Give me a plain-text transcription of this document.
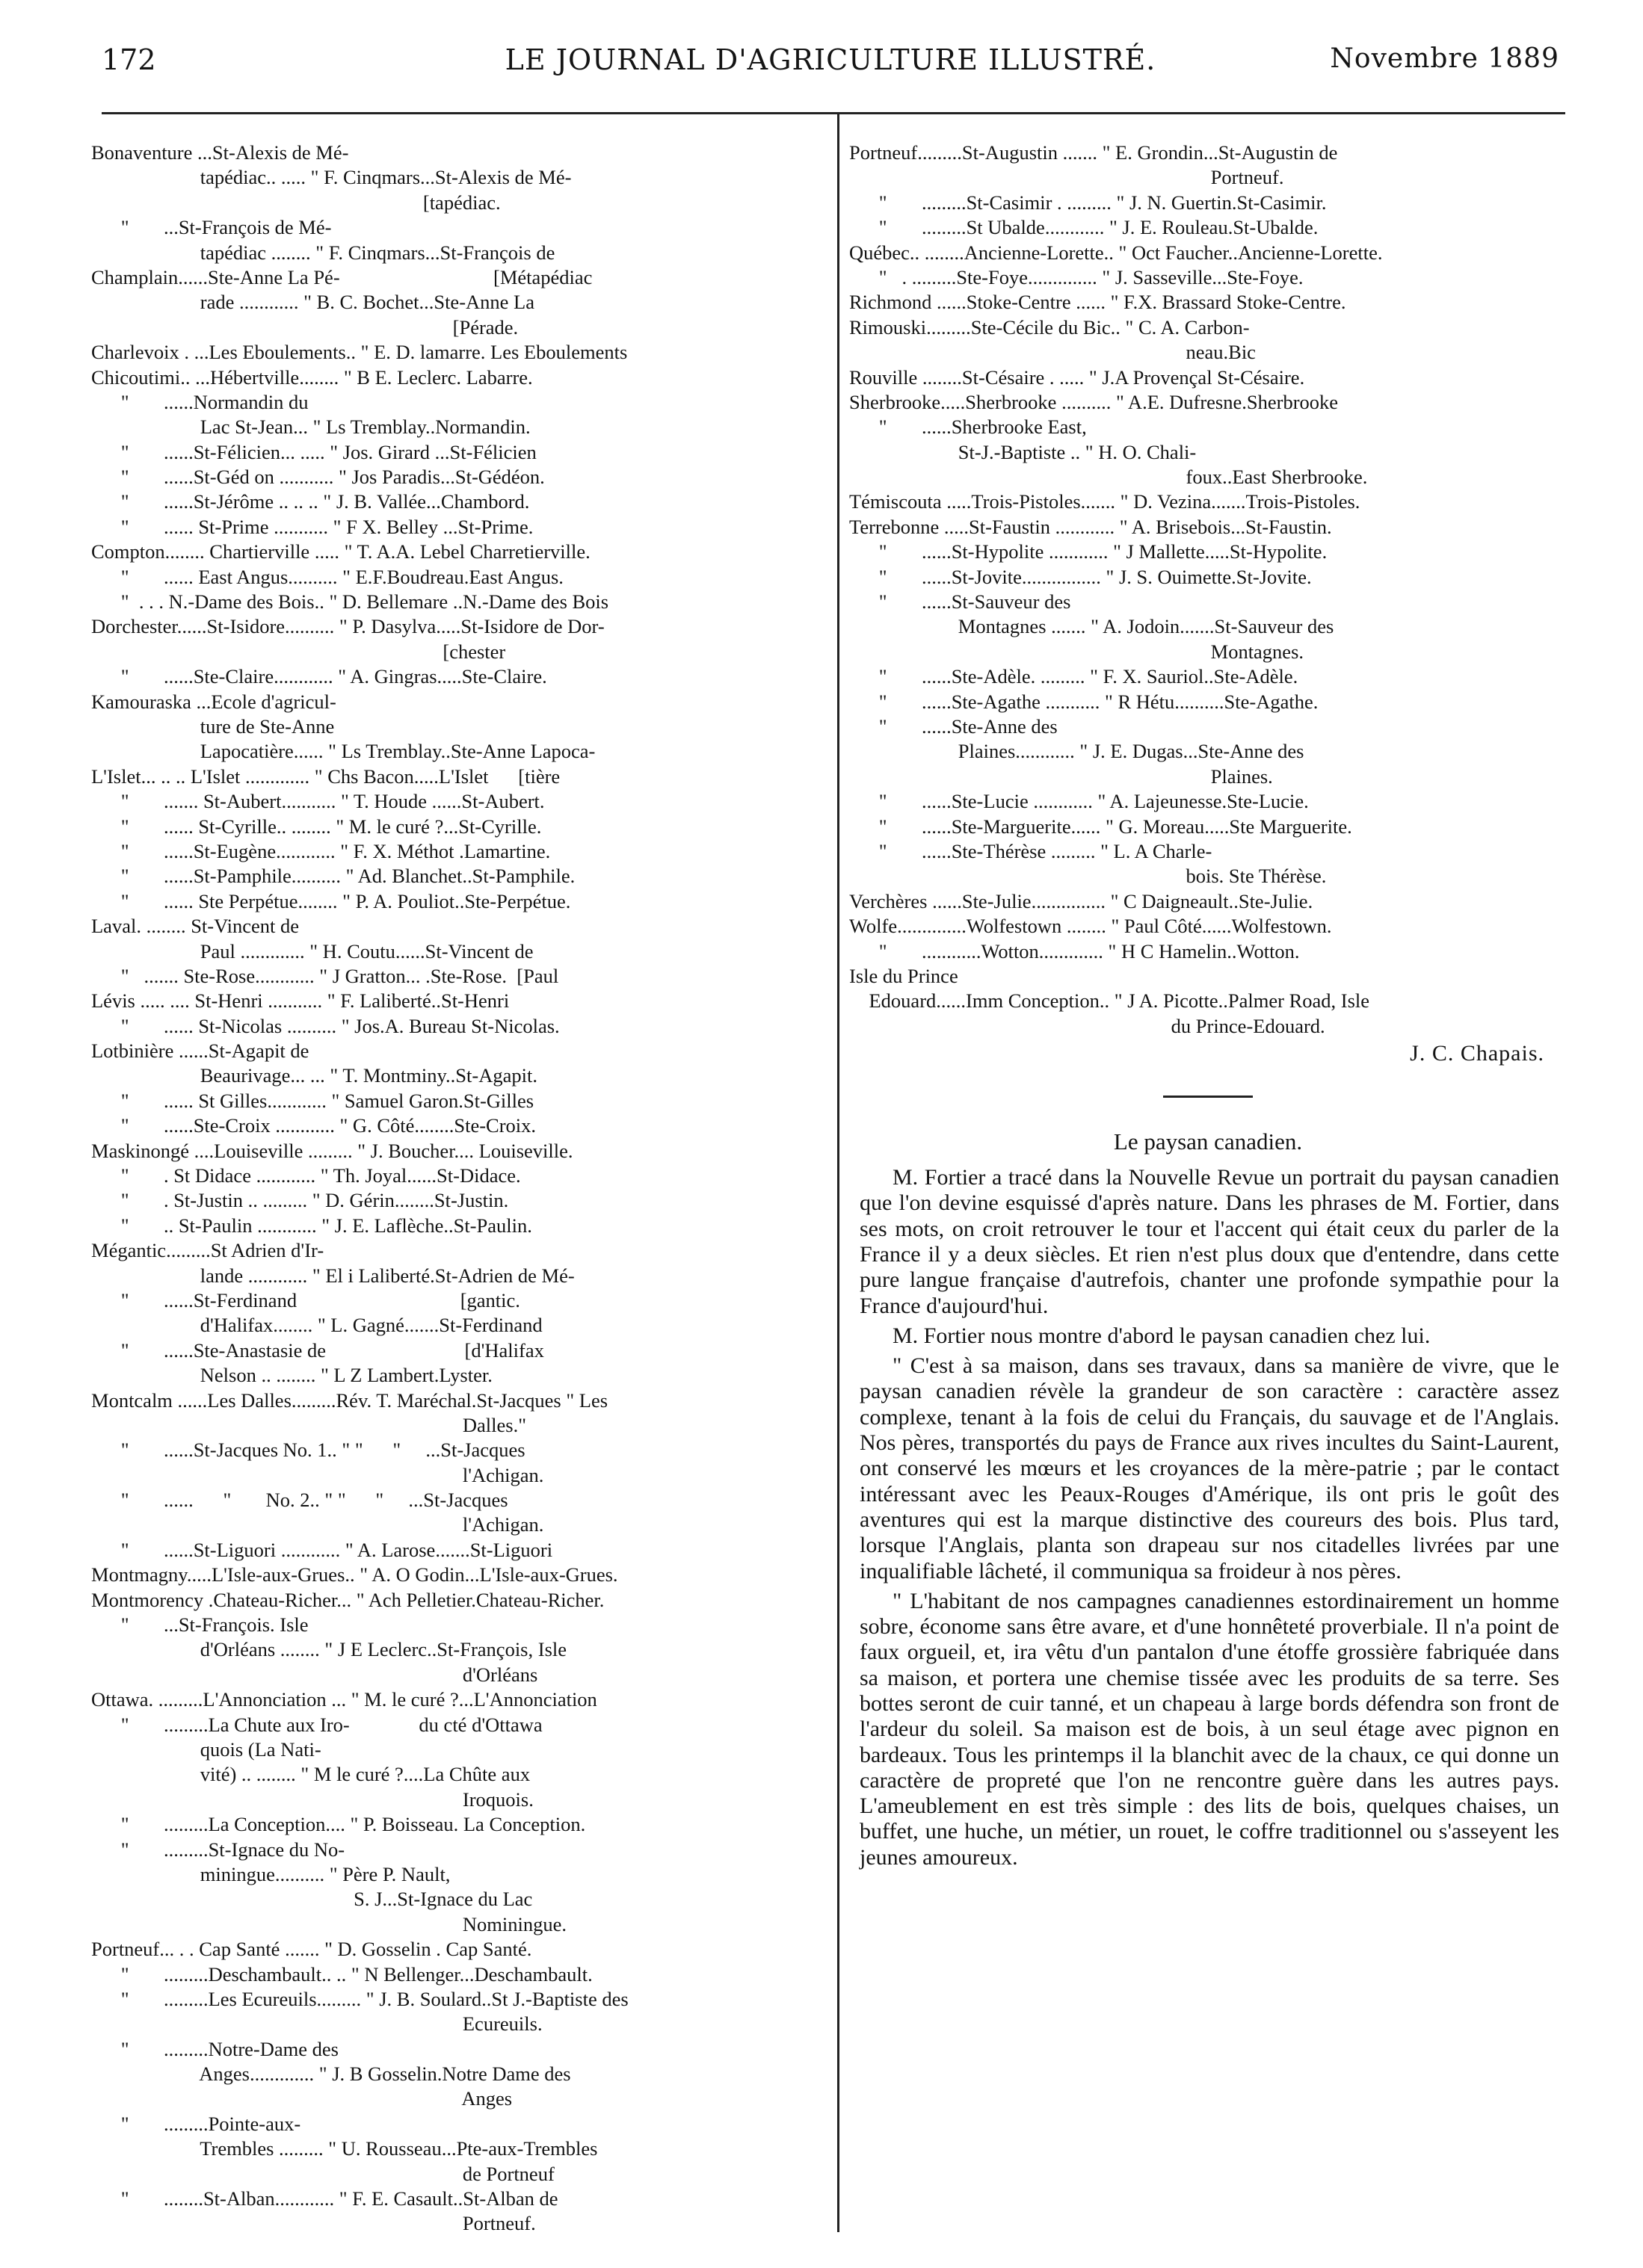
172	LE JOURNAL D'AGRICULTURE ILLUSTRÉ.	Novembre 1889
Bonaventure ...St-Alexis de Mé-
tapédiac.. ..... " F. Cinqmars...St-Alexis de Mé-
[tapédiac.
"       ...St-François de Mé-
tapédiac ........ " F. Cinqmars...St-François de
Champlain......Ste-Anne La Pé-                               [Métapédiac
rade ............ " B. C. Bochet...Ste-Anne La
[Pérade.
Charlevoix . ...Les Eboulements.. " E. D. lamarre. Les Eboulements
Chicoutimi.. ...Hébertville........ " B E. Leclerc. Labarre.
"       ......Normandin du
Lac St-Jean... " Ls Tremblay..Normandin.
"       ......St-Félicien... ..... " Jos. Girard ...St-Félicien
"       ......St-Géd on ........... " Jos Paradis...St-Gédéon.
"       ......St-Jérôme .. .. .. " J. B. Vallée...Chambord.
"       ...... St-Prime ........... " F X. Belley ...St-Prime.
Compton........ Chartierville ..... " T. A.A. Lebel Charretierville.
"       ...... East Angus.......... " E.F.Boudreau.East Angus.
"  . . . N.-Dame des Bois.. " D. Bellemare ..N.-Dame des Bois
Dorchester......St-Isidore.......... " P. Dasylva.....St-Isidore de Dor-
[chester
"       ......Ste-Claire............ " A. Gingras.....Ste-Claire.
Kamouraska ...Ecole d'agricul-
ture de Ste-Anne
Lapocatière...... " Ls Tremblay..Ste-Anne Lapoca-
L'Islet... .. .. L'Islet ............. " Chs Bacon.....L'Islet      [tière
"       ....... St-Aubert........... " T. Houde ......St-Aubert.
"       ...... St-Cyrille.. ........ " M. le curé ?...St-Cyrille.
"       ......St-Eugène............ " F. X. Méthot .Lamartine.
"       ......St-Pamphile.......... " Ad. Blanchet..St-Pamphile.
"       ...... Ste Perpétue........ " P. A. Pouliot..Ste-Perpétue.
Laval. ........ St-Vincent de
Paul ............. " H. Coutu......St-Vincent de
"   ....... Ste-Rose............ " J Gratton... .Ste-Rose.  [Paul
Lévis ..... .... St-Henri ........... " F. Laliberté..St-Henri
"       ...... St-Nicolas .......... " Jos.A. Bureau St-Nicolas.
Lotbinière ......St-Agapit de
Beaurivage... ... " T. Montminy..St-Agapit.
"       ...... St Gilles............ " Samuel Garon.St-Gilles
"       ......Ste-Croix ............ " G. Côté........Ste-Croix.
Maskinongé ....Louiseville ......... " J. Boucher.... Louiseville.
"       . St Didace ............ " Th. Joyal......St-Didace.
"       . St-Justin .. ......... " D. Gérin........St-Justin.
"       .. St-Paulin ............ " J. E. Laflèche..St-Paulin.
Mégantic.........St Adrien d'Ir-
lande ............ " El i Laliberté.St-Adrien de Mé-
"       ......St-Ferdinand                                 [gantic.
d'Halifax........ " L. Gagné.......St-Ferdinand
"       ......Ste-Anastasie de                            [d'Halifax
Nelson .. ........ " L Z Lambert.Lyster.
Montcalm ......Les Dalles.........Rév. T. Maréchal.St-Jacques " Les
Dalles."
"       ......St-Jacques No. 1.. " "      "     ...St-Jacques
l'Achigan.
"       ......      "       No. 2.. " "      "     ...St-Jacques
l'Achigan.
"       ......St-Liguori ............ " A. Larose.......St-Liguori
Montmagny.....L'Isle-aux-Grues.. " A. O Godin...L'Isle-aux-Grues.
Montmorency .Chateau-Richer... " Ach Pelletier.Chateau-Richer.
"       ...St-François. Isle
d'Orléans ........ " J E Leclerc..St-François, Isle
d'Orléans
Ottawa. .........L'Annonciation ... " M. le curé ?...L'Annonciation
"       .........La Chute aux Iro-              du cté d'Ottawa
quois (La Nati-
vité) .. ........ " M le curé ?....La Chûte aux
Iroquois.
"       .........La Conception.... " P. Boisseau. La Conception.
"       .........St-Ignace du No-
miningue.......... " Père P. Nault,
S. J...St-Ignace du Lac
Nominingue.
Portneuf... . . Cap Santé ....... " D. Gosselin . Cap Santé.
"       .........Deschambault.. .. " N Bellenger...Deschambault.
"       .........Les Ecureuils......... " J. B. Soulard..St J.-Baptiste des
Ecureuils.
"       .........Notre-Dame des
Anges............. " J. B Gosselin.Notre Dame des
Anges
"       .........Pointe-aux-
Trembles ......... " U. Rousseau...Pte-aux-Trembles
de Portneuf
"       ........St-Alban............ " F. E. Casault..St-Alban de
Portneuf.
Portneuf.........St-Augustin ....... " E. Grondin...St-Augustin de
Portneuf.
"       .........St-Casimir . ......... " J. N. Guertin.St-Casimir.
"       .........St Ubalde............ " J. E. Rouleau.St-Ubalde.
Québec.. ........Ancienne-Lorette.. " Oct Faucher..Ancienne-Lorette.
"   . .........Ste-Foye.............. " J. Sasseville...Ste-Foye.
Richmond ......Stoke-Centre ...... " F.X. Brassard Stoke-Centre.
Rimouski.........Ste-Cécile du Bic.. " C. A. Carbon-
neau.Bic
Rouville ........St-Césaire . ..... " J.A Provençal St-Césaire.
Sherbrooke.....Sherbrooke .......... " A.E. Dufresne.Sherbrooke
"       ......Sherbrooke East,
St-J.-Baptiste .. " H. O. Chali-
foux..East Sherbrooke.
Témiscouta .....Trois-Pistoles....... " D. Vezina.......Trois-Pistoles.
Terrebonne .....St-Faustin ............ " A. Brisebois...St-Faustin.
"       ......St-Hypolite ............ " J Mallette.....St-Hypolite.
"       ......St-Jovite................ " J. S. Ouimette.St-Jovite.
"       ......St-Sauveur des
Montagnes ....... " A. Jodoin.......St-Sauveur des
Montagnes.
"       ......Ste-Adèle. ......... " F. X. Sauriol..Ste-Adèle.
"       ......Ste-Agathe ........... " R Hétu..........Ste-Agathe.
"       ......Ste-Anne des
Plaines............ " J. E. Dugas...Ste-Anne des
Plaines.
"       ......Ste-Lucie ............ " A. Lajeunesse.Ste-Lucie.
"       ......Ste-Marguerite...... " G. Moreau.....Ste Marguerite.
"       ......Ste-Thérèse ......... " L. A Charle-
bois. Ste Thérèse.
Verchères ......Ste-Julie............... " C Daigneault..Ste-Julie.
Wolfe..............Wolfestown ........ " Paul Côté......Wolfestown.
"       ............Wotton............. " H C Hamelin..Wotton.
Isle du Prince
Edouard......Imm Conception.. " J A. Picotte..Palmer Road, Isle
du Prince-Edouard.
J. C. Chapais.
Le paysan canadien.

M. Fortier a tracé dans la Nouvelle Revue un portrait du paysan canadien que l'on devine esquissé d'après nature. Dans les phrases de M. Fortier, dans ses mots, on croit retrouver le tour et l'accent qui était ceux du parler de la France il y a deux siècles. Et rien n'est plus doux que d'entendre, dans cette pure langue française d'autrefois, chanter une profonde sympathie pour la France d'aujourd'hui.

M. Fortier nous montre d'abord le paysan canadien chez lui.

" C'est à sa maison, dans ses travaux, dans sa manière de vivre, que le paysan canadien révèle la grandeur de son caractère : caractère assez complexe, tenant à la fois de celui du Français, du sauvage et de l'Anglais. Nos pères, transportés du pays de France aux rives incultes du Saint-Laurent, ont conservé les mœurs et les croyances de la mère-patrie ; par le contact intéressant avec les Peaux-Rouges d'Amérique, ils ont pris le goût des aventures qui est la marque distinctive des coureurs des bois. Plus tard, lorsque l'Anglais, planta son drapeau sur nos citadelles livrées par une inqualifiable lâcheté, il communiqua sa froideur à nos pères.

" L'habitant de nos campagnes canadiennes estordinairement un homme sobre, économe sans être avare, et d'une honnêteté proverbiale. Il n'a point de faux orgueil, et, ira vêtu d'un pantalon d'une étoffe grossière fabriquée dans sa maison, et portera une chemise tissée avec les produits de sa terre. Ses bottes seront de cuir tanné, et un chapeau à large bords défendra son front de l'ardeur du soleil. Sa maison est de bois, à un seul étage avec pignon en bardeaux. Tous les printemps il la blanchit avec de la chaux, ce qui donne un caractère de propreté que l'on ne rencontre guère dans les autres pays. L'ameublement en est très simple : des lits de bois, quelques chaises, un buffet, une huche, un métier, un rouet, le coffre traditionnel ou s'asseyent les jeunes amoureux.
